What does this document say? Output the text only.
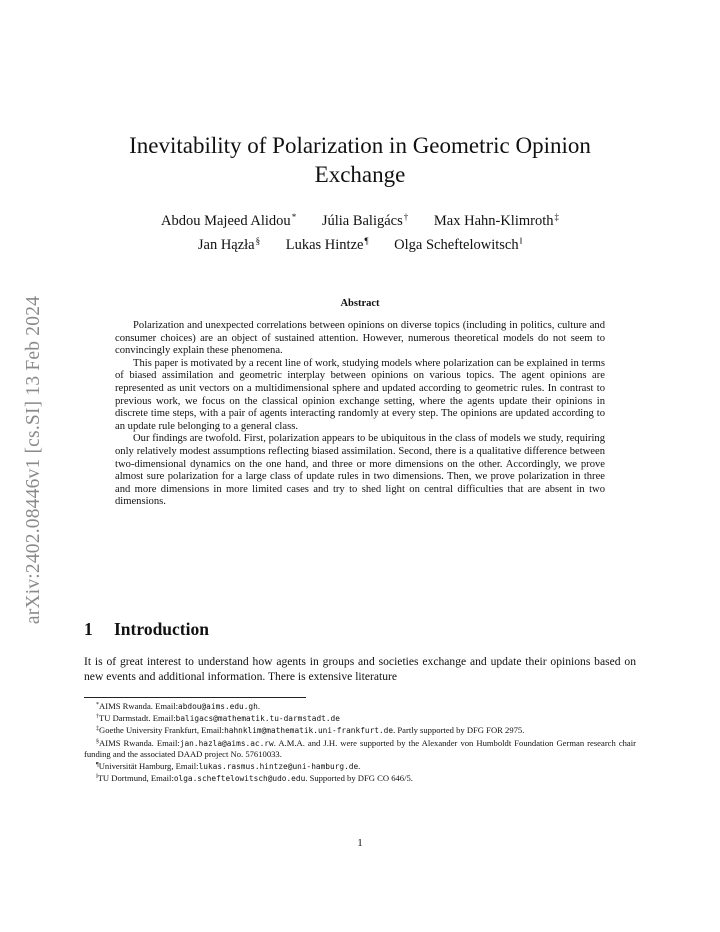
arXiv:2402.08446v1 [cs.SI] 13 Feb 2024
Inevitability of Polarization in Geometric Opinion
Exchange
Abdou Majeed Alidou* Júlia Baligács† Max Hahn-Klimroth‡
Jan Hązła§ Lukas Hintze¶ Olga Scheftelowitsch‖
Abstract

Polarization and unexpected correlations between opinions on diverse topics (including in politics, culture and consumer choices) are an object of sustained attention. However, numerous theoretical models do not seem to convincingly explain these phenomena.

This paper is motivated by a recent line of work, studying models where polarization can be explained in terms of biased assimilation and geometric interplay between opinions on various topics. The agent opinions are represented as unit vectors on a multidimensional sphere and updated according to geometric rules. In contrast to previous work, we focus on the classical opinion exchange setting, where the agents update their opinions in discrete time steps, with a pair of agents interacting randomly at every step. The opinions are updated according to an update rule belonging to a general class.

Our findings are twofold. First, polarization appears to be ubiquitous in the class of models we study, requiring only relatively modest assumptions reflecting biased assimilation. Second, there is a qualitative difference between two-dimensional dynamics on the one hand, and three or more dimensions on the other. Accordingly, we prove almost sure polarization for a large class of update rules in two dimensions. Then, we prove polarization in three and more dimensions in more limited cases and try to shed light on central difficulties that are absent in two dimensions.

1 Introduction

It is of great interest to understand how agents in groups and societies exchange and update their opinions based on new events and additional information. There is extensive literature

*AIMS Rwanda. Email:abdou@aims.edu.gh.

†TU Darmstadt. Email:baligacs@mathematik.tu-darmstadt.de

‡Goethe University Frankfurt, Email:hahnklim@mathematik.uni-frankfurt.de. Partly supported by DFG FOR 2975.

§AIMS Rwanda. Email:jan.hazla@aims.ac.rw. A.M.A. and J.H. were supported by the Alexander von Humboldt Foundation German research chair funding and the associated DAAD project No. 57610033.

¶Universität Hamburg, Email:lukas.rasmus.hintze@uni-hamburg.de.

‖TU Dortmund, Email:olga.scheftelowitsch@udo.edu. Supported by DFG CO 646/5.

1
